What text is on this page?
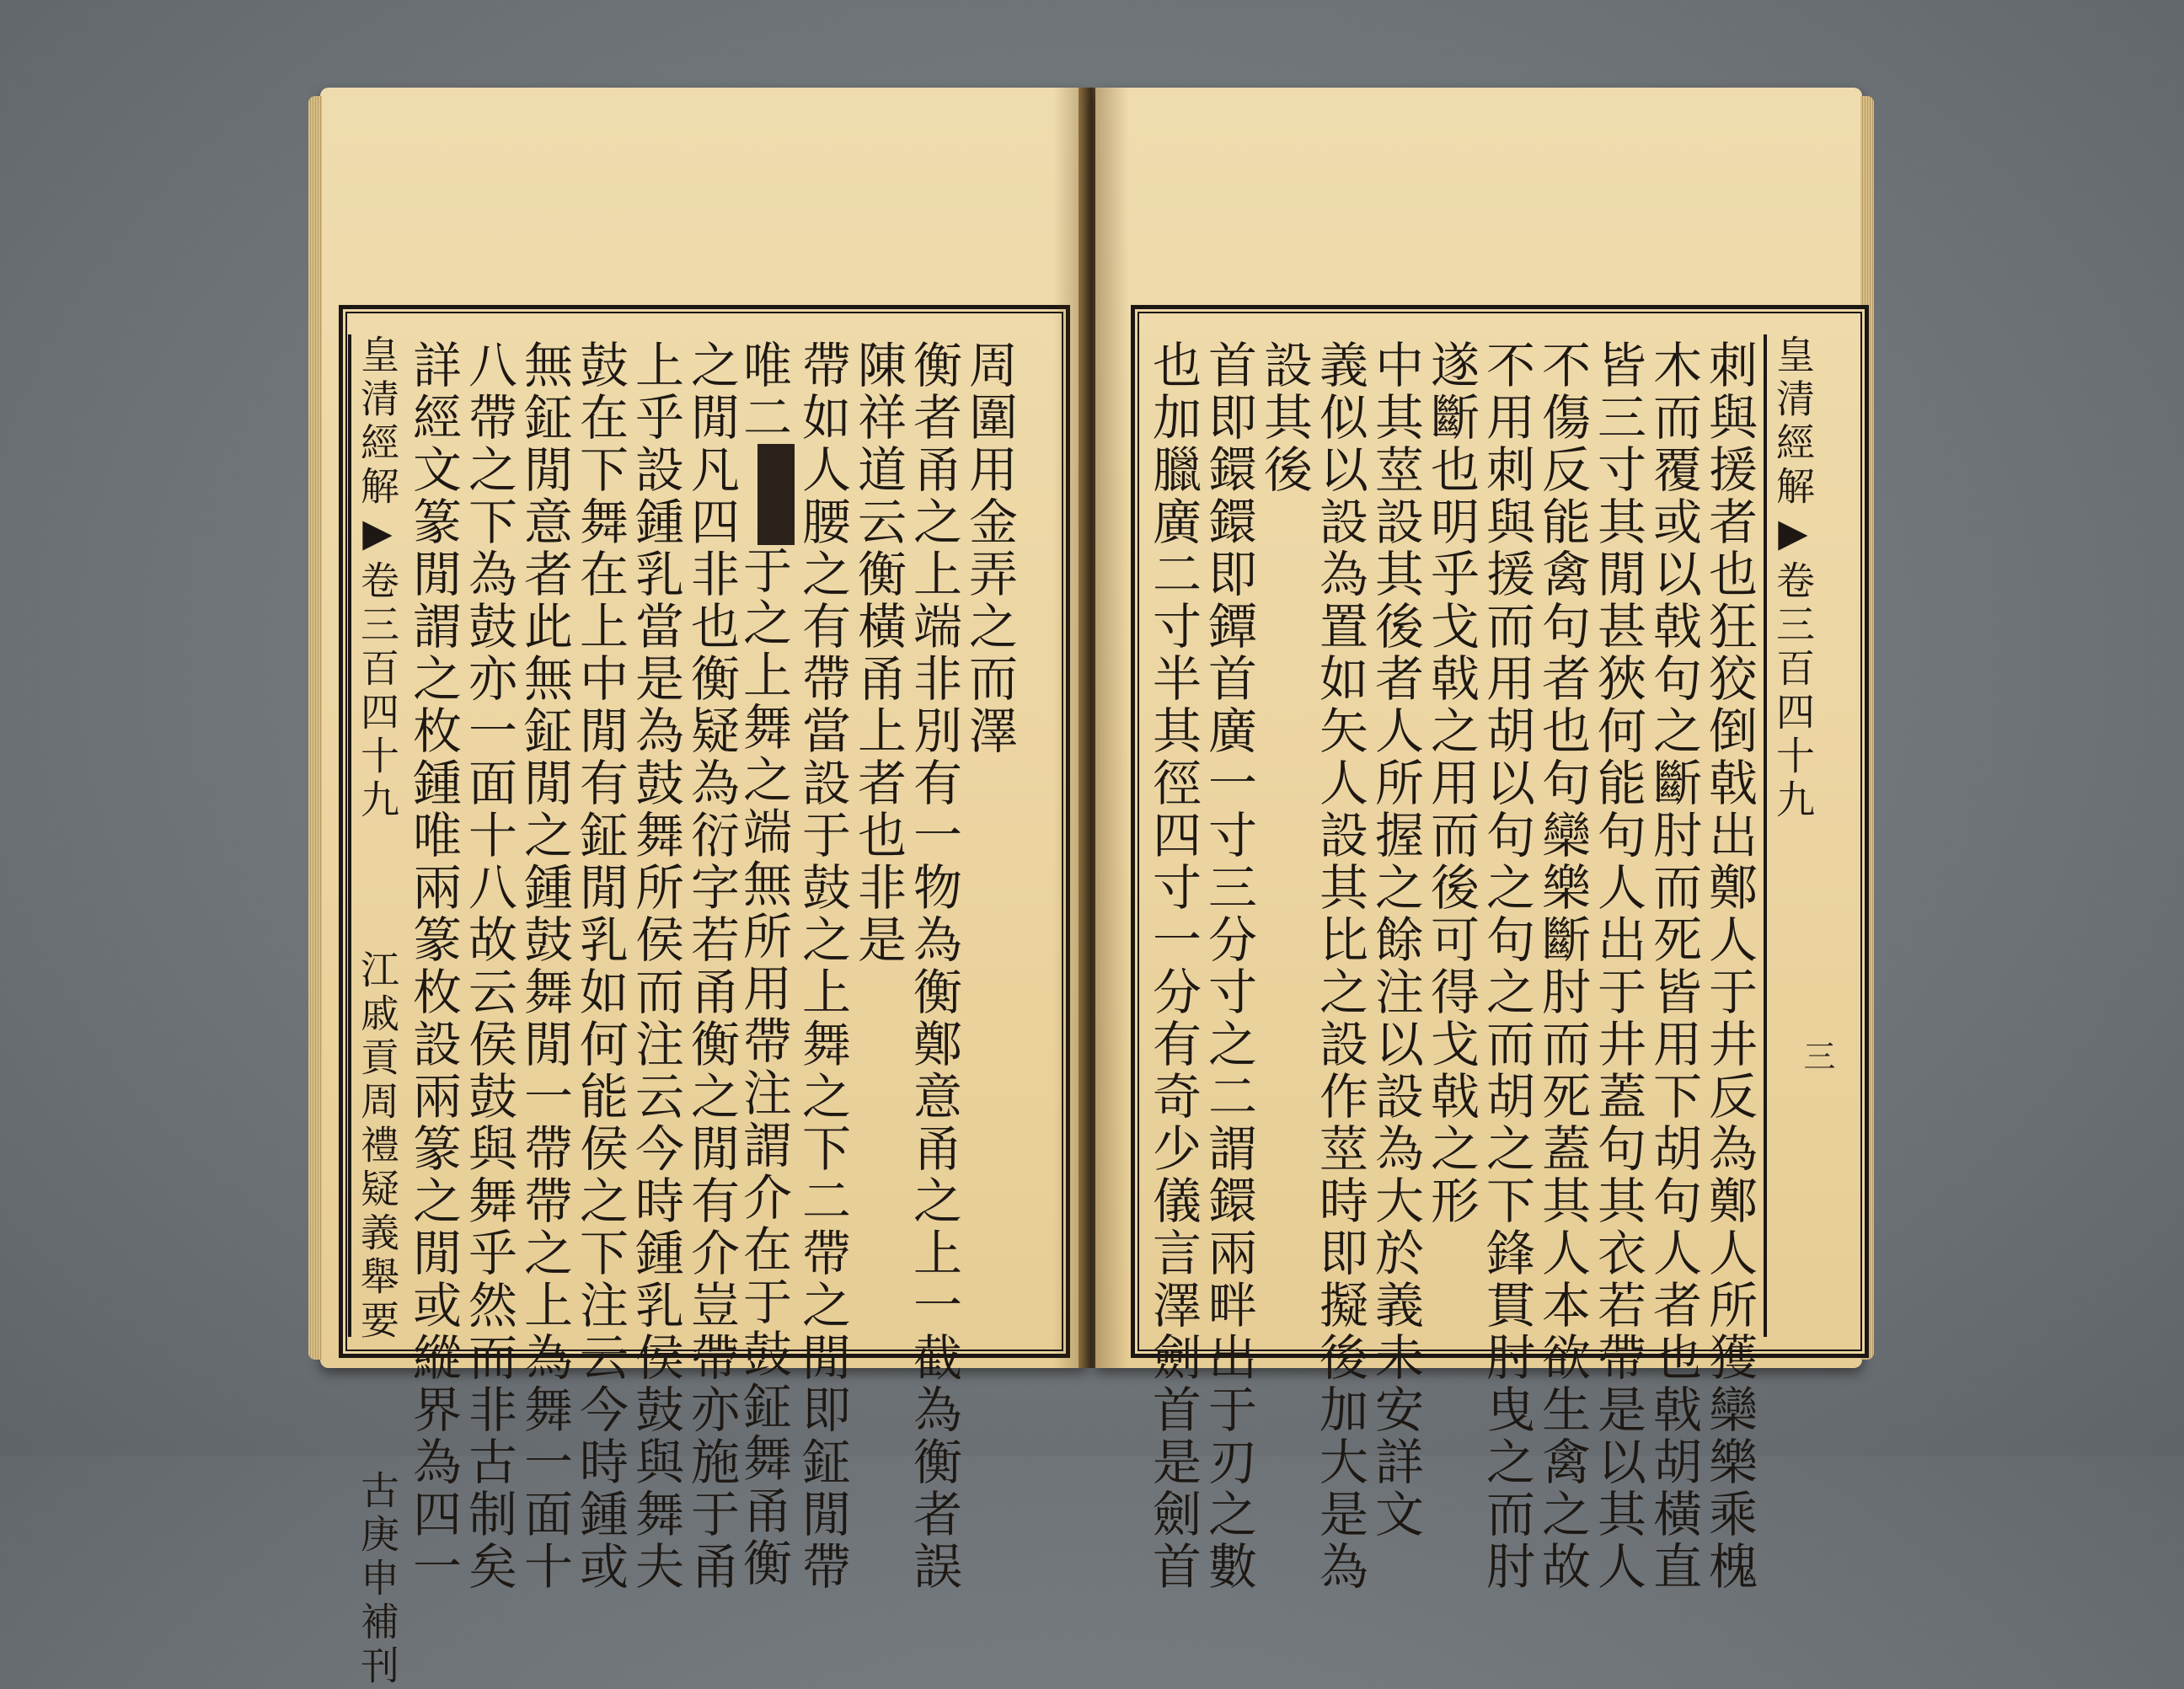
皇清經解▶卷三百四十九  江戚貢周禮疑義舉要  古庚申補刊 詳經文篆閒謂之枚鍾唯兩篆枚設兩篆之閒或縱界為四一
八帶之下為鼓亦一面十八故云侯鼓與舞乎然而非古制矣
無鉦閒意者此無鉦閒之鍾鼓舞閒一帶帶之上為舞一面十
鼓在下舞在上中閒有鉦閒乳如何能侯之下注云今時鍾或
上乎設鍾乳當是為鼓舞所侯而注云今時鍾乳侯鼓與舞夫
之閒凡四非也衡疑為衍字若甬衡之閒有介豈帶亦施于甬
唯二于之上舞之端無所用帶注謂介在于鼓鉦舞甬衡 帶如人腰之有帶當設于鼓之上舞之下二帶之閒即鉦閒帶
陳祥道云衡橫甬上者也非是
衡者甬之上端非別有一物為衡鄭意甬之上一截為衡者誤
周圍用金弄之而澤	也加臘廣二寸半其徑四寸一分有奇少儀言澤劍首是劍首
首即鐶鐶即鐔首廣一寸三分寸之二謂鐶兩畔出于刃之數
設其後
義似以設為置如矢人設其比之設作莖時即擬後加大是為
中其莖設其後者人所握之餘注以設為大於義未安詳文
遂斷也明乎戈戟之用而後可得戈戟之形
不用刺與援而用胡以句之句之而胡之下鋒貫肘曳之而肘
不傷反能禽句者也句欒樂斷肘而死蓋其人本欲生禽之故
皆三寸其閒甚狹何能句人出于井蓋句其衣若帶是以其人
木而覆或以戟句之斷肘而死皆用下胡句人者也戟胡橫直
刺與援者也狂狡倒戟出鄭人于井反為鄭人所獲欒樂乘槐 皇清經解▶卷三百四十九
三
